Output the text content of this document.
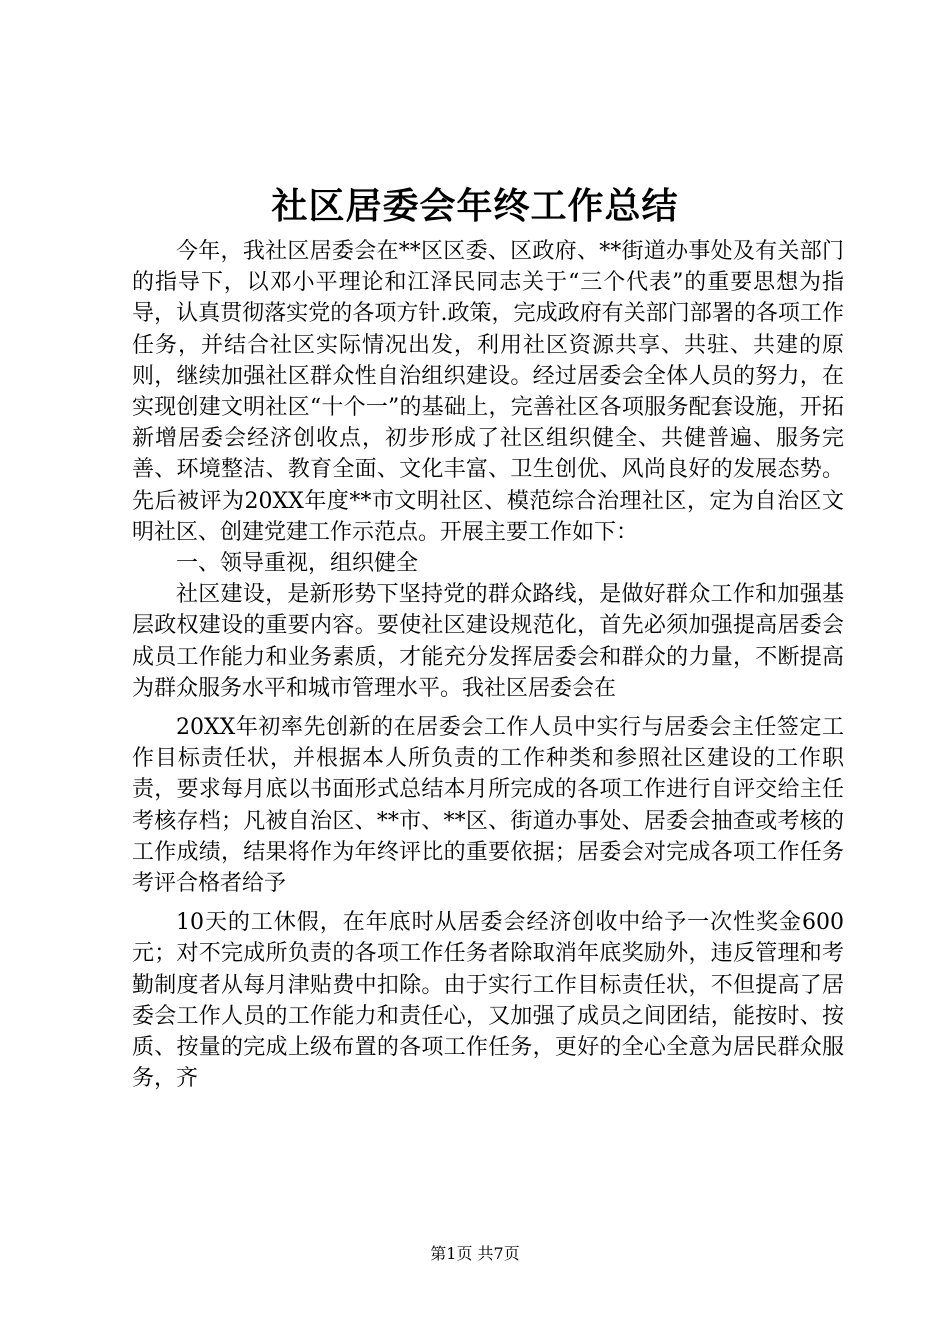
社区居委会年终工作总结

今年，我社区居委会在**区区委、区政府、**街道办事处及有关部门的指导下，以邓小平理论和江泽民同志关于“三个代表”的重要思想为指导，认真贯彻落实党的各项方针.政策，完成政府有关部门部署的各项工作任务，并结合社区实际情况出发，利用社区资源共享、共驻、共建的原则，继续加强社区群众性自治组织建设。经过居委会全体人员的努力，在实现创建文明社区“十个一”的基础上，完善社区各项服务配套设施，开拓新增居委会经济创收点，初步形成了社区组织健全、共健普遍、服务完善、环境整洁、教育全面、文化丰富、卫生创优、风尚良好的发展态势。先后被评为20XX年度**市文明社区、模范综合治理社区，定为自治区文明社区、创建党建工作示范点。开展主要工作如下：

一、领导重视，组织健全

社区建设，是新形势下坚持党的群众路线，是做好群众工作和加强基层政权建设的重要内容。要使社区建设规范化，首先必须加强提高居委会成员工作能力和业务素质，才能充分发挥居委会和群众的力量，不断提高为群众服务水平和城市管理水平。我社区居委会在

20XX年初率先创新的在居委会工作人员中实行与居委会主任签定工作目标责任状，并根据本人所负责的工作种类和参照社区建设的工作职责，要求每月底以书面形式总结本月所完成的各项工作进行自评交给主任考核存档；凡被自治区、**市、**区、街道办事处、居委会抽查或考核的工作成绩，结果将作为年终评比的重要依据；居委会对完成各项工作任务考评合格者给予

10天的工休假，在年底时从居委会经济创收中给予一次性奖金600元；对不完成所负责的各项工作任务者除取消年底奖励外，违反管理和考勤制度者从每月津贴费中扣除。由于实行工作目标责任状，不但提高了居委会工作人员的工作能力和责任心，又加强了成员之间团结，能按时、按质、按量的完成上级布置的各项工作任务，更好的全心全意为居民群众服务，齐

第1页 共7页
